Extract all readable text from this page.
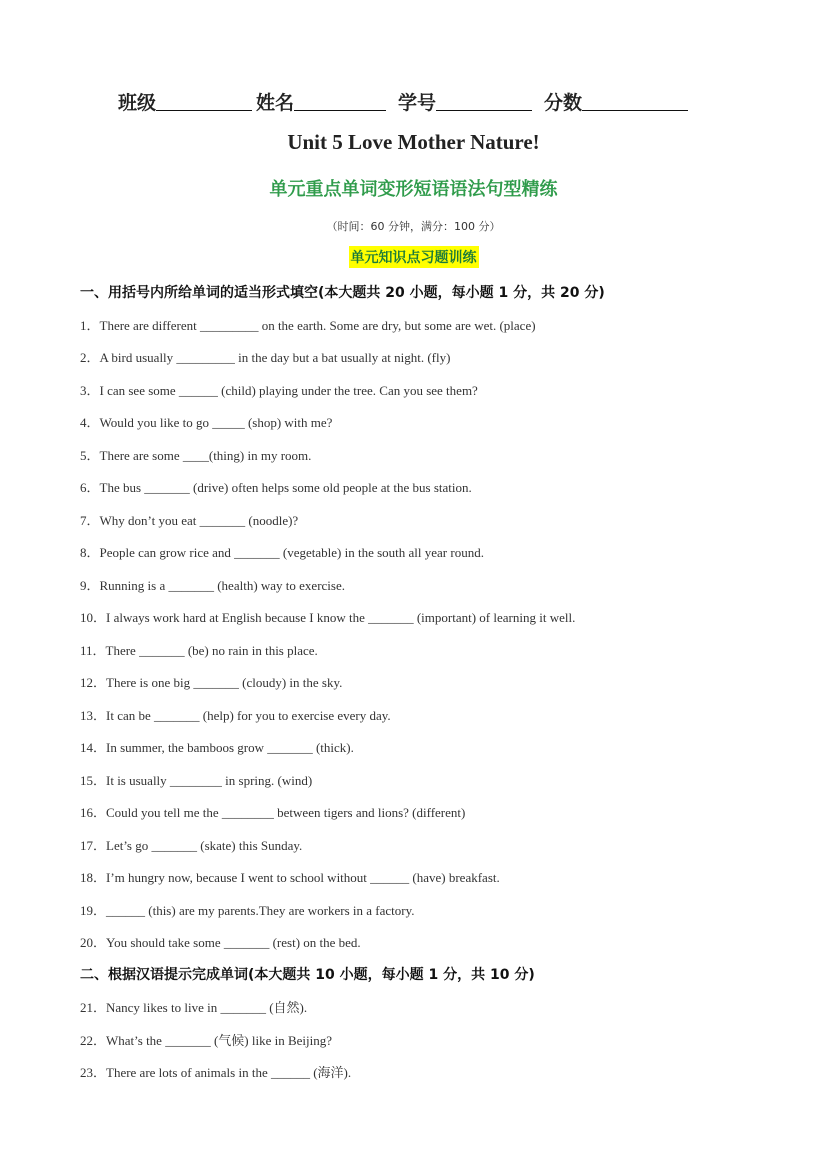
班级	姓名	学号	分数
Unit 5 Love Mother Nature!
单元重点单词变形短语语法句型精练
（时间：60 分钟，满分：100 分）
单元知识点习题训练
一、用括号内所给单词的适当形式填空(本大题共 20 小题，每小题 1 分，共 20 分)
1．There are different _________ on the earth. Some are dry, but some are wet. (place)
2．A bird usually _________ in the day but a bat usually at night. (fly)
3．I can see some ______ (child) playing under the tree. Can you see them?
4．Would you like to go _____ (shop) with me?
5．There are some ____(thing) in my room.
6．The bus _______ (drive) often helps some old people at the bus station.
7．Why don’t you eat _______ (noodle)?
8．People can grow rice and _______ (vegetable) in the south all year round.
9．Running is a _______ (health) way to exercise.
10．I always work hard at English because I know the _______ (important) of learning it well.
11．There _______ (be) no rain in this place.
12．There is one big _______ (cloudy) in the sky.
13．It can be _______ (help) for you to exercise every day.
14．In summer, the bamboos grow _______ (thick).
15．It is usually ________ in spring. (wind)
16．Could you tell me the ________ between tigers and lions? (different)
17．Let’s go _______ (skate) this Sunday.
18．I’m hungry now, because I went to school without ______ (have) breakfast.
19．______ (this) are my parents.They are workers in a factory.
20．You should take some _______ (rest) on the bed.
二、根据汉语提示完成单词(本大题共 10 小题，每小题 1 分，共 10 分)
21．Nancy likes to live in _______ (自然).
22．What’s the _______ (气候) like in Beijing?
23．There are lots of animals in the ______ (海洋).
